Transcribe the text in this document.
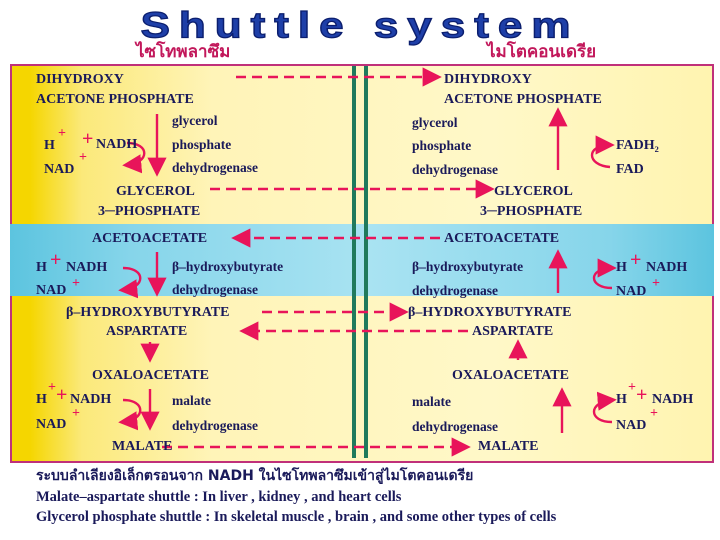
Shuttle system
ไซโทพลาซึม	ไมโตคอนเดรีย
DIHYDROXY
ACETONE PHOSPHATE
glycerol
phosphate
dehydrogenase
+
H + NADH
+
NAD
GLYCEROL
3─PHOSPHATE
ACETOACETATE
β–hydroxybutyrate
dehydrogenase
H + NADH
NAD +
β–HYDROXYBUTYRATE
ASPARTATE
OXALOACETATE
malate
dehydrogenase
H
+ + NADH
+
NAD
MALATE
DIHYDROXY
ACETONE PHOSPHATE
glycerol
phosphate
dehydrogenase
FADH₂
FAD
GLYCEROL
3─PHOSPHATE
ACETOACETATE
β–hydroxybutyrate
dehydrogenase
H + NADH
NAD
+
β–HYDROXYBUTYRATE
ASPARTATE
OXALOACETATE
malate
dehydrogenase
H
+ + NADH
+
NAD
MALATE
ระบบลำเลียงอิเล็กตรอนจาก NADH ในไซโทพลาซึมเข้าสู่ไมโตคอนเดรีย
Malate–aspartate shuttle : In liver , kidney , and heart cells
Glycerol phosphate shuttle : In skeletal muscle , brain , and some other types of cells
